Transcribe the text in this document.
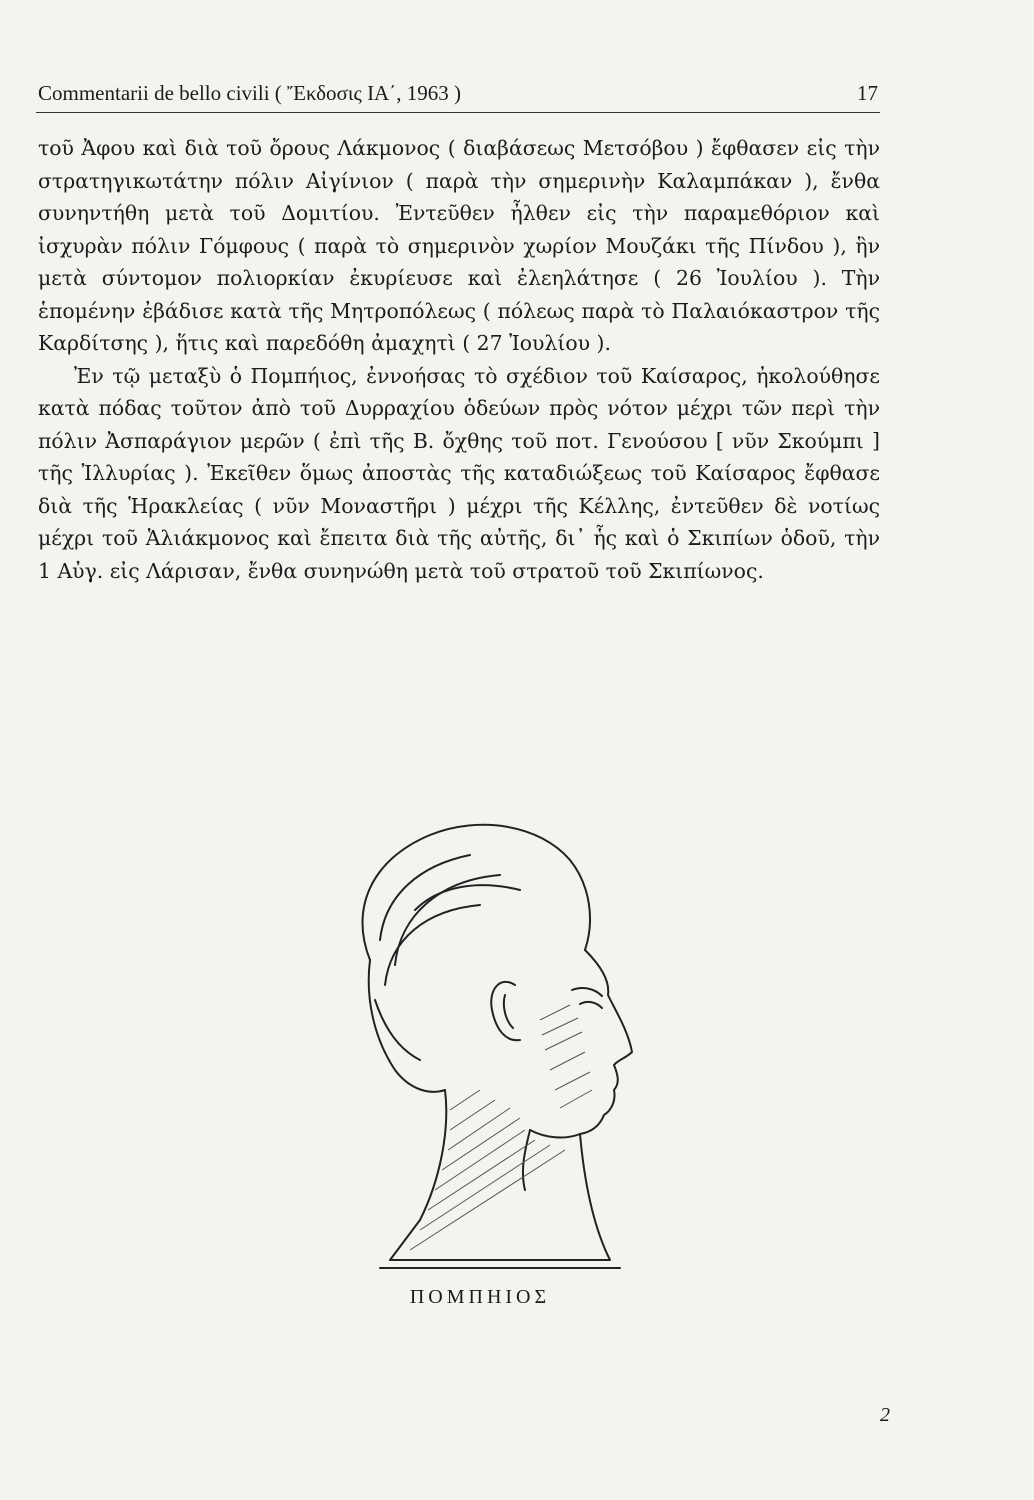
Commentarii de bello civili ( Ἔκδοσις ΙΑ΄, 1963 )	17

τοῦ Ἀφου καὶ διὰ τοῦ ὄρους Λάκμονος ( διαβάσεως Μετσόβου ) ἔφθασεν εἰς τὴν στρατηγικωτάτην πόλιν Αἰγίνιον ( παρὰ τὴν σημερινὴν Καλαμπάκαν ), ἔνθα συνηντήθη μετὰ τοῦ Δομιτίου. Ἐντεῦθεν ἦλθεν εἰς τὴν παραμεθόριον καὶ ἰσχυρὰν πόλιν Γόμφους ( παρὰ τὸ σημερινὸν χωρίον Μουζάκι τῆς Πίνδου ), ἣν μετὰ σύντομον πολιορκίαν ἐκυρίευσε καὶ ἐλεηλάτησε ( 26 Ἰουλίου ). Τὴν ἑπομένην ἐβάδισε κατὰ τῆς Μητροπόλεως ( πόλεως παρὰ τὸ Παλαιόκαστρον τῆς Καρδίτσης ), ἥτις καὶ παρεδόθη ἀμαχητὶ ( 27 Ἰουλίου ).

Ἐν τῷ μεταξὺ ὁ Πομπήιος, ἐννοήσας τὸ σχέδιον τοῦ Καίσαρος, ἠκολούθησε κατὰ πόδας τοῦτον ἀπὸ τοῦ Δυρραχίου ὁδεύων πρὸς νότον μέχρι τῶν περὶ τὴν πόλιν Ἀσπαράγιον μερῶν ( ἐπὶ τῆς Β. ὄχθης τοῦ ποτ. Γενούσου [ νῦν Σκούμπι ] τῆς Ἰλλυρίας ). Ἐκεῖθεν ὅμως ἀποστὰς τῆς καταδιώξεως τοῦ Καίσαρος ἔφθασε διὰ τῆς Ἡρακλείας ( νῦν Μοναστῆρι ) μέχρι τῆς Κέλλης, ἐντεῦθεν δὲ νοτίως μέχρι τοῦ Ἁλιάκμονος καὶ ἔπειτα διὰ τῆς αὐτῆς, δι᾽ ἧς καὶ ὁ Σκιπίων ὁδοῦ, τὴν 1 Αὐγ. εἰς Λάρισαν, ἔνθα συνηνώθη μετὰ τοῦ στρατοῦ τοῦ Σκιπίωνος.

ΠΟΜΠΗΙΟΣ
2
